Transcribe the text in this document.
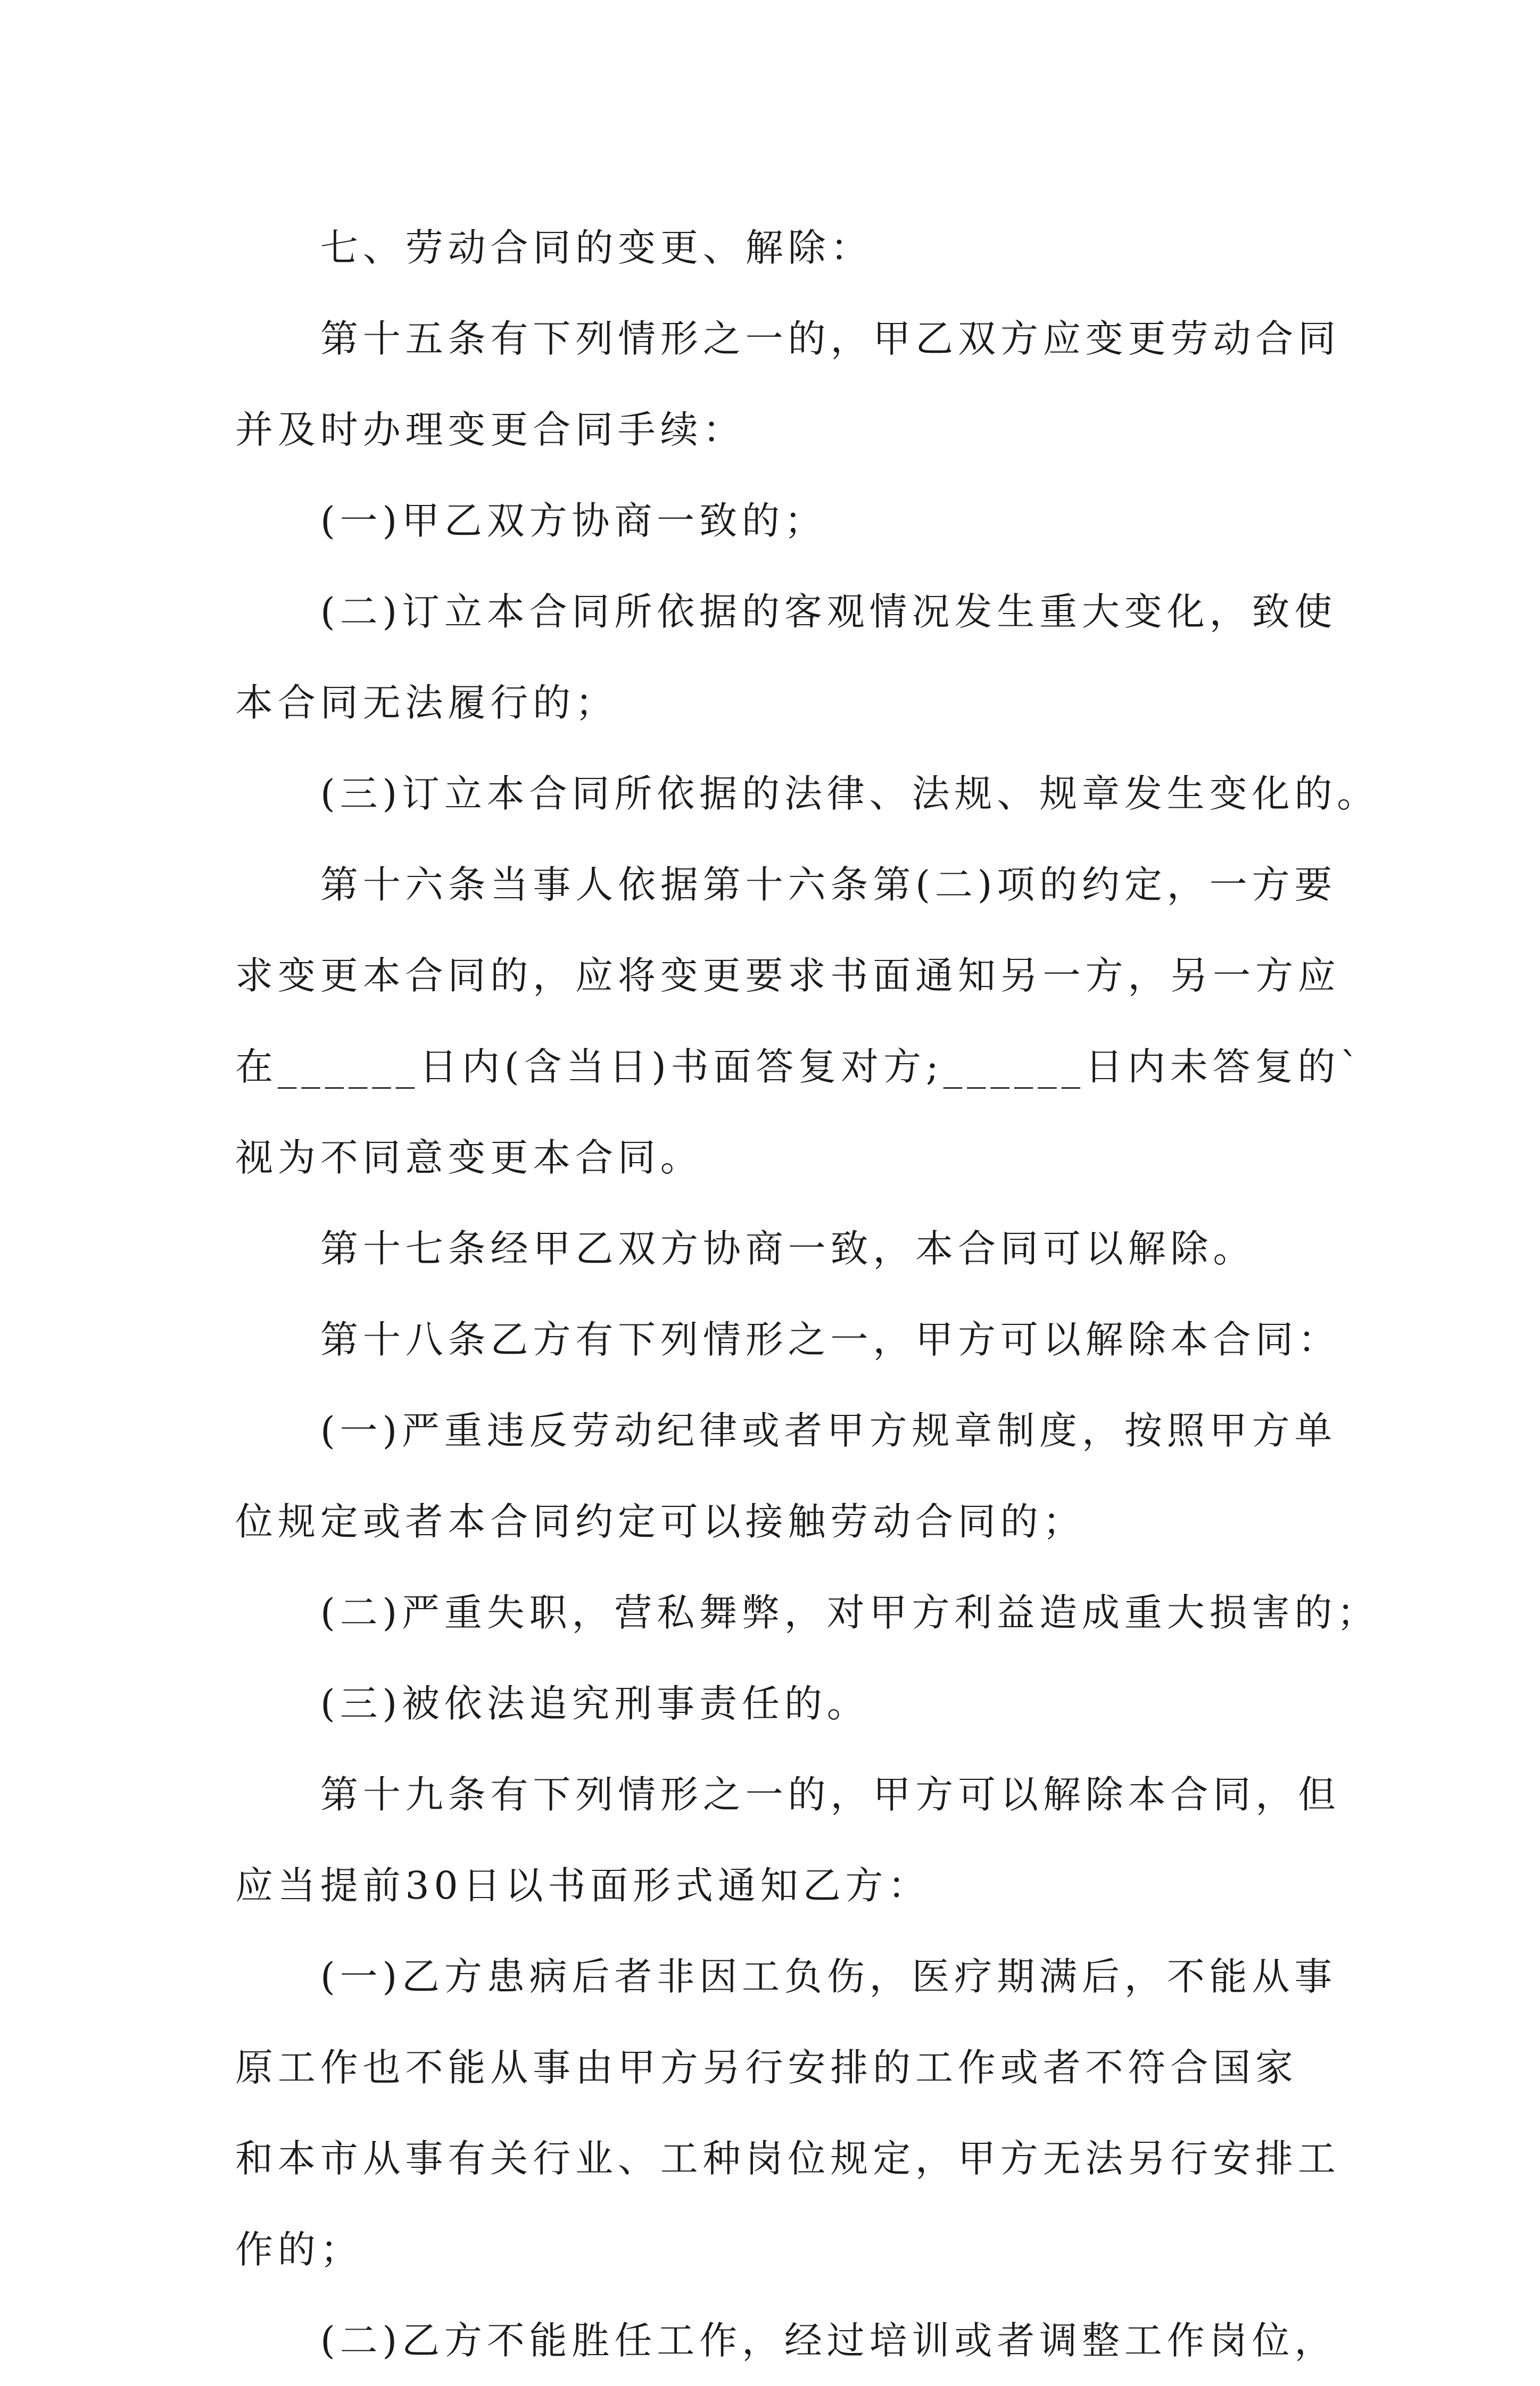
七、劳动合同的变更、解除：
第十五条有下列情形之一的，甲乙双方应变更劳动合同
并及时办理变更合同手续：
(一)甲乙双方协商一致的；
(二)订立本合同所依据的客观情况发生重大变化，致使
本合同无法履行的；
(三)订立本合同所依据的法律、法规、规章发生变化的。
第十六条当事人依据第十六条第(二)项的约定，一方要
求变更本合同的，应将变更要求书面通知另一方，另一方应
在______日内(含当日)书面答复对方;______日内未答复的`
视为不同意变更本合同。
第十七条经甲乙双方协商一致，本合同可以解除。
第十八条乙方有下列情形之一，甲方可以解除本合同：
(一)严重违反劳动纪律或者甲方规章制度，按照甲方单
位规定或者本合同约定可以接触劳动合同的；
(二)严重失职，营私舞弊，对甲方利益造成重大损害的；
(三)被依法追究刑事责任的。
第十九条有下列情形之一的，甲方可以解除本合同，但
应当提前30日以书面形式通知乙方：
(一)乙方患病后者非因工负伤，医疗期满后，不能从事
原工作也不能从事由甲方另行安排的工作或者不符合国家
和本市从事有关行业、工种岗位规定，甲方无法另行安排工
作的；
(二)乙方不能胜任工作，经过培训或者调整工作岗位，
